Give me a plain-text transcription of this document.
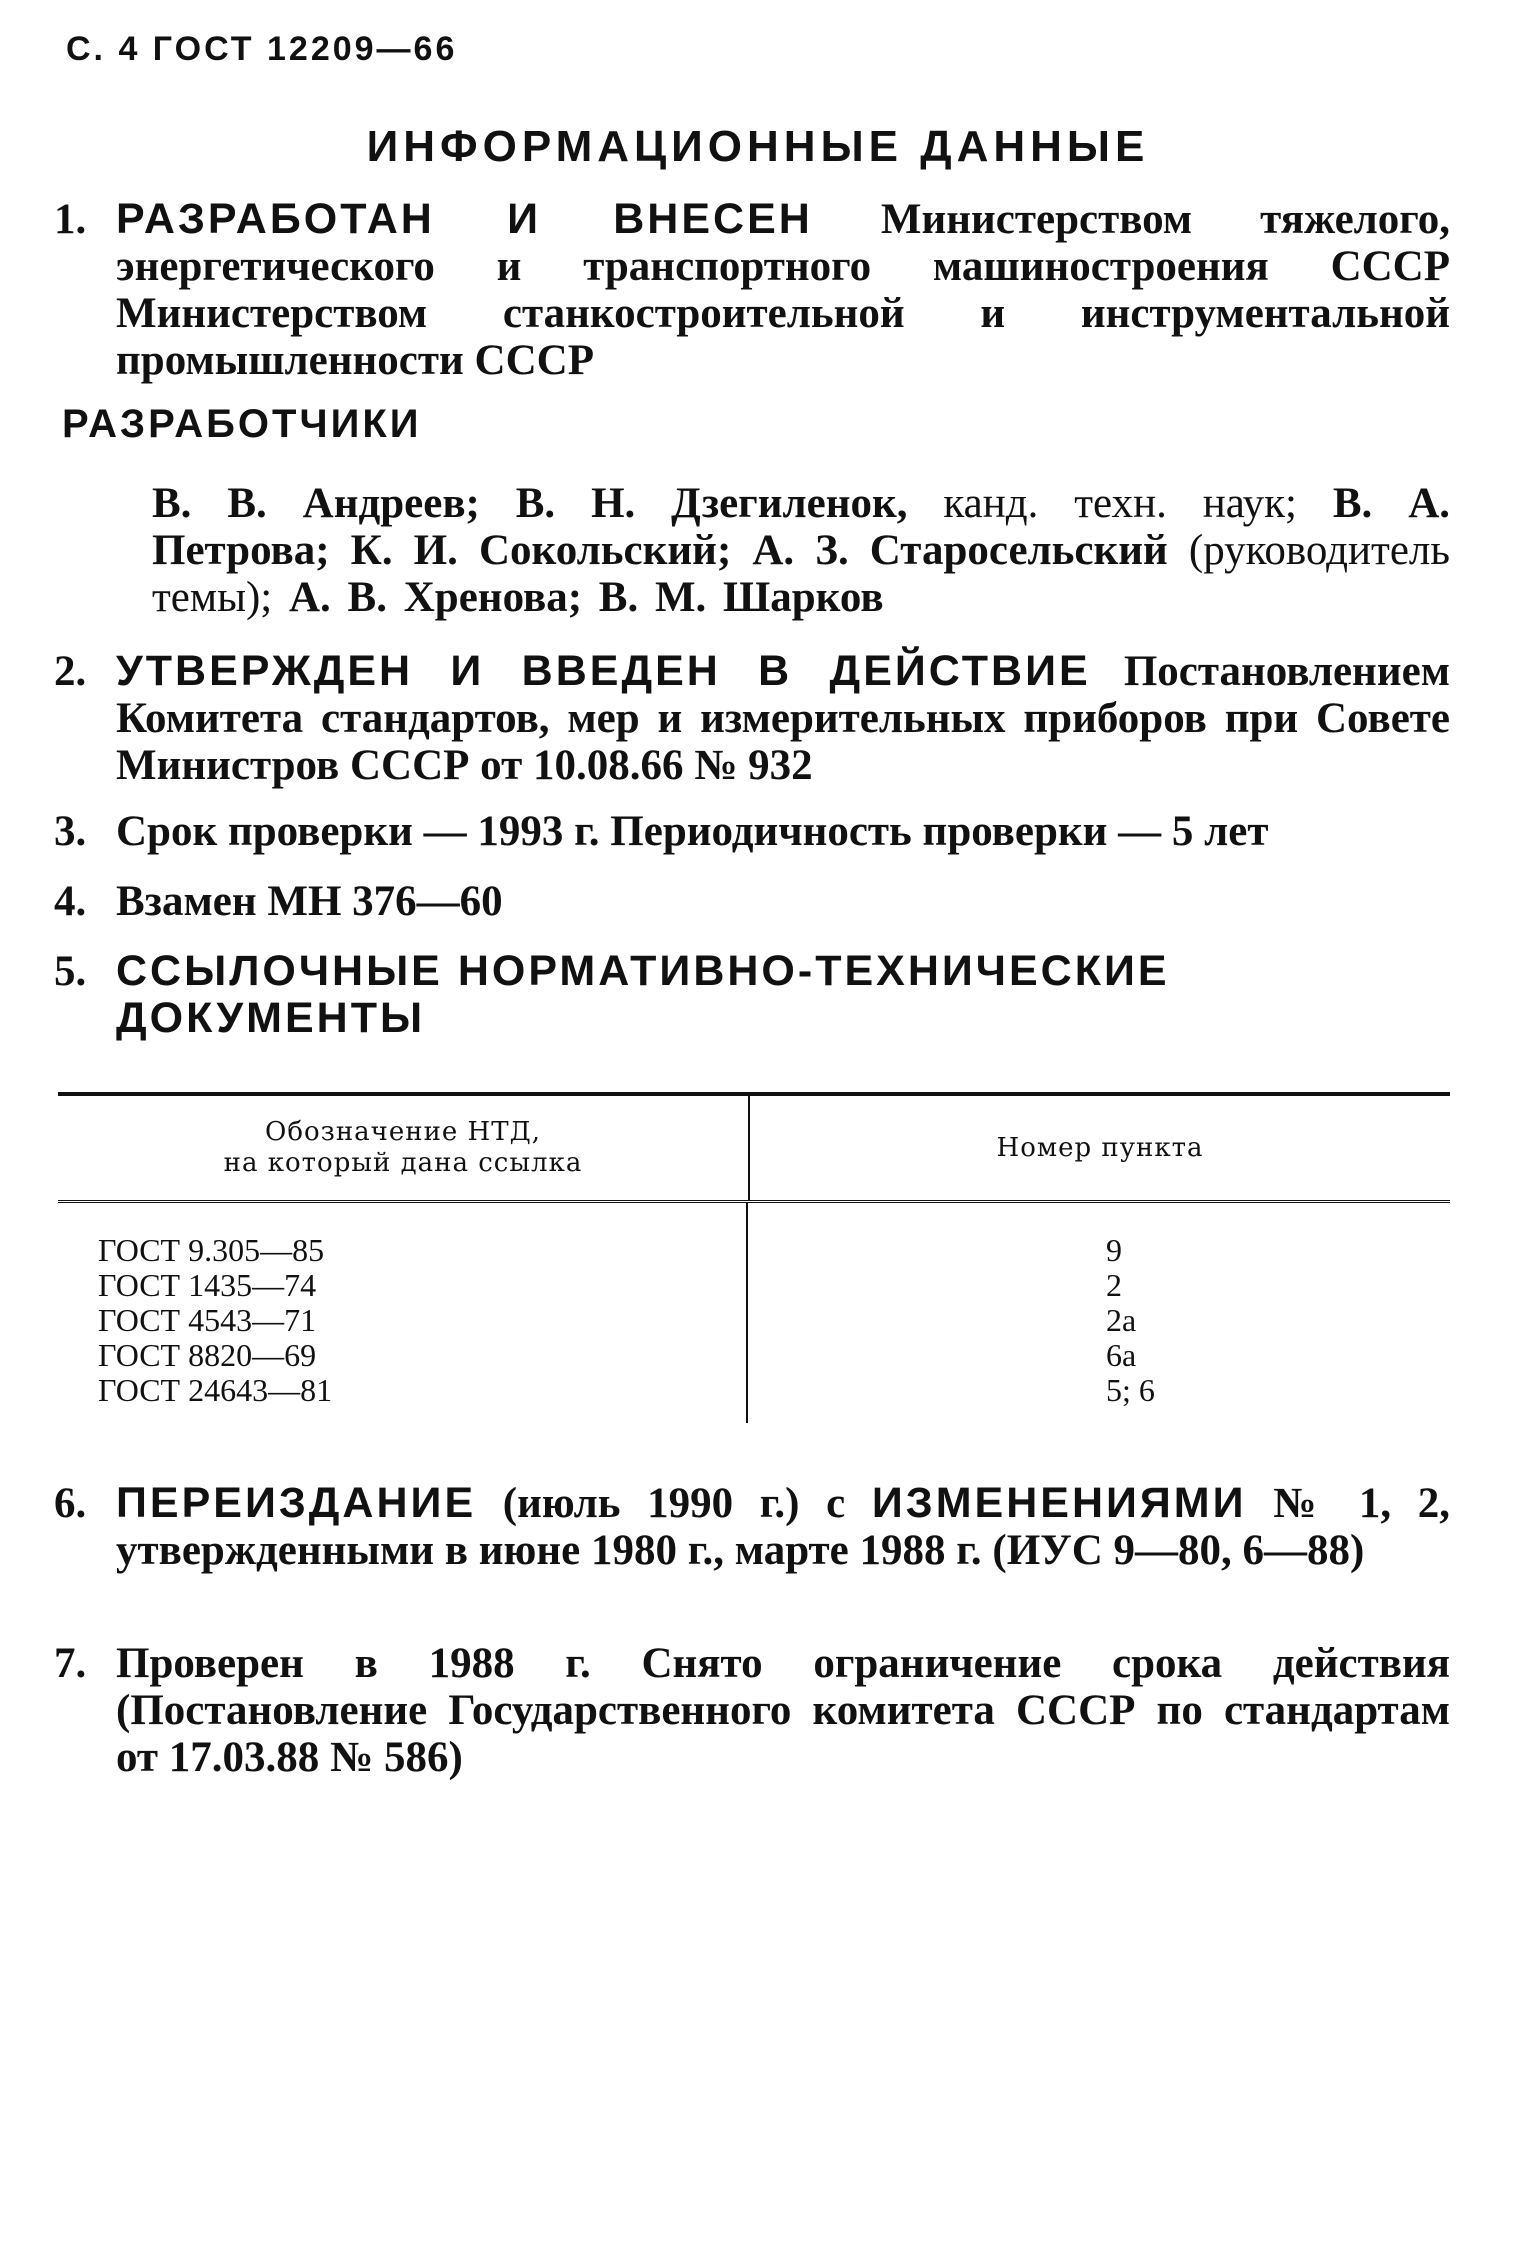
С. 4 ГОСТ 12209—66
ИНФОРМАЦИОННЫЕ ДАННЫЕ
1. РАЗРАБОТАН И ВНЕСЕН Министерством тяжелого, энергетического и транспортного машиностроения СССР Министерством станкостроительной и инструментальной промышленности СССР
РАЗРАБОТЧИКИ
В. В. Андреев; В. Н. Дзегиленок, канд. техн. наук; В. А. Петрова; К. И. Сокольский; А. З. Старосельский (руководитель темы); А. В. Хренова; В. М. Шарков
2. УТВЕРЖДЕН И ВВЕДЕН В ДЕЙСТВИЕ Постановлением Комитета стандартов, мер и измерительных приборов при Совете Министров СССР от 10.08.66 № 932
3. Срок проверки — 1993 г. Периодичность проверки — 5 лет
4. Взамен МН 376—60
5. ССЫЛОЧНЫЕ НОРМАТИВНО-ТЕХНИЧЕСКИЕ ДОКУМЕНТЫ
Обозначение НТД,
на который дана ссылка	Номер пункта
ГОСТ 9.305—85
ГОСТ 1435—74
ГОСТ 4543—71
ГОСТ 8820—69
ГОСТ 24643—81
9
2
2а
6а
5; 6
6. ПЕРЕИЗДАНИЕ (июль 1990 г.) с ИЗМЕНЕНИЯМИ № 1, 2, утвержденными в июне 1980 г., марте 1988 г. (ИУС 9—80, 6—88)
7. Проверен в 1988 г. Снято ограничение срока действия (Постановление Государственного комитета СССР по стандартам от 17.03.88 № 586)
